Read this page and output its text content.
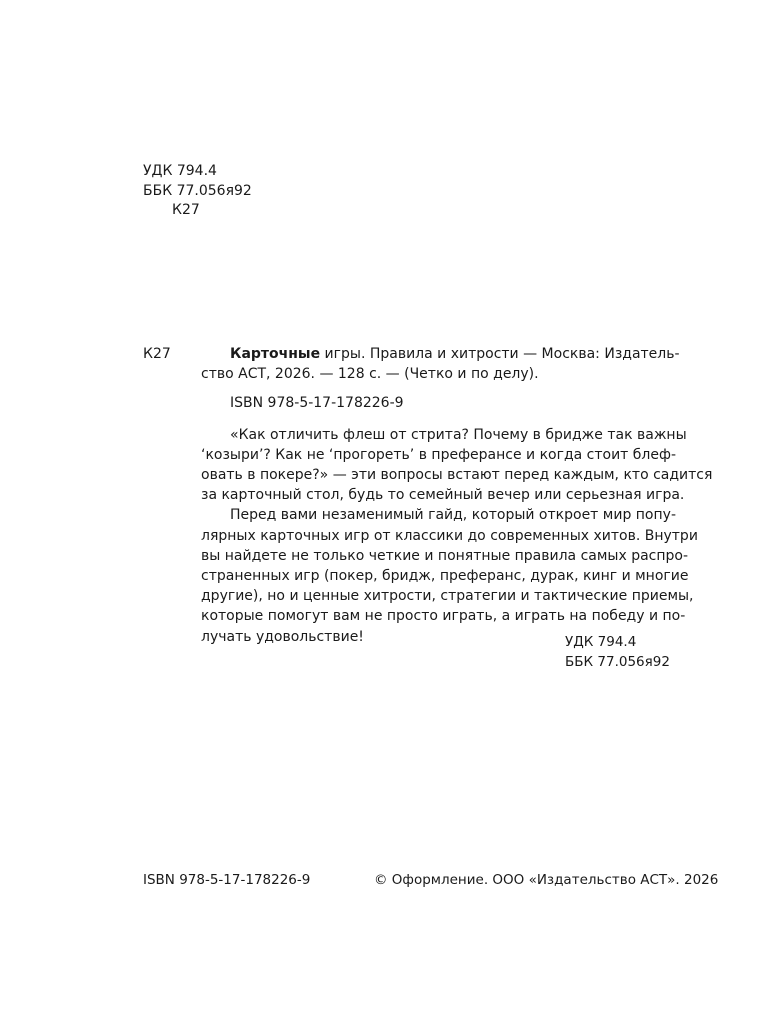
УДК 794.4
ББК 77.056я92
К27
К27	Карточные игры. Правила и хитрости — Москва: Издатель-
ство АСТ, 2026. — 128 с. — (Четко и по делу).

ISBN 978-5-17-178226-9

«Как отличить флеш от стрита? Почему в бридже так важны
‘козыри’? Как не ‘прогореть’ в преферансе и когда стоит блеф-
овать в покере?» — эти вопросы встают перед каждым, кто садится
за карточный стол, будь то семейный вечер или серьезная игра.

Перед вами незаменимый гайд, который откроет мир попу-
лярных карточных игр от классики до современных хитов. Внутри
вы найдете не только четкие и понятные правила самых распро-
страненных игр (покер, бридж, преферанс, дурак, кинг и многие
другие), но и ценные хитрости, стратегии и тактические приемы,
которые помогут вам не просто играть, а играть на победу и по-
лучать удовольствие!	УДК 794.4
ББК 77.056я92
ISBN 978-5-17-178226-9	© Оформление. ООО «Издательство АСТ». 2026
